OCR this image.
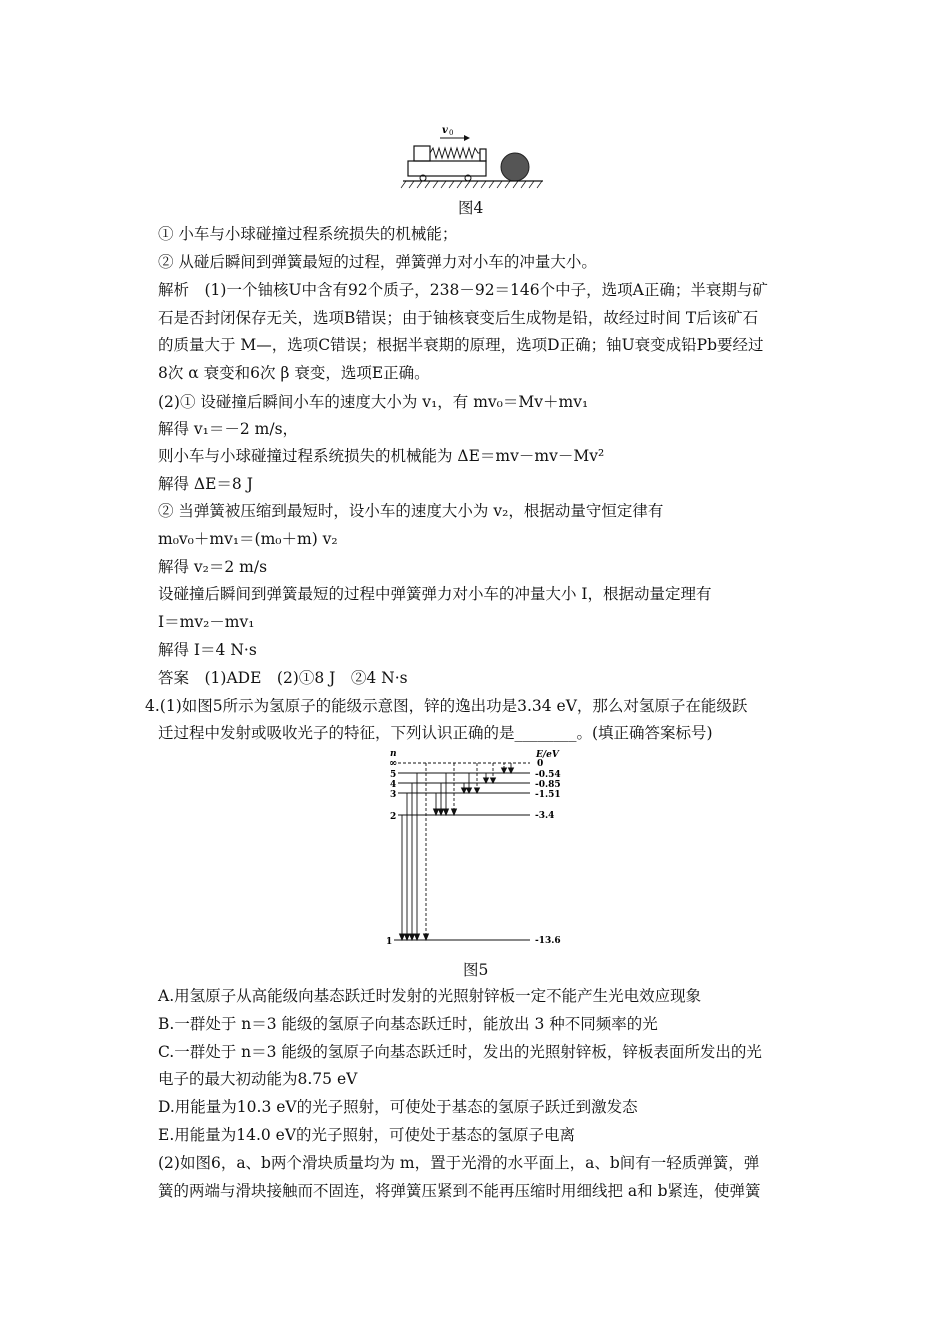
v 0
图4
① 小车与小球碰撞过程系统损失的机械能；
② 从碰后瞬间到弹簧最短的过程，弹簧弹力对小车的冲量大小。
解析　(1)一个铀核U中含有92个质子，238－92＝146个中子，选项A正确；半衰期与矿
石是否封闭保存无关，选项B错误；由于铀核衰变后生成物是铅，故经过时间 T后该矿石
的质量大于 M—，选项C错误；根据半衰期的原理，选项D正确；铀U衰变成铅Pb要经过
8次 α 衰变和6次 β 衰变，选项E正确。
(2)① 设碰撞后瞬间小车的速度大小为 v₁，有 mv₀＝Mv＋mv₁
解得 v₁＝－2 m/s，
则小车与小球碰撞过程系统损失的机械能为 ΔE＝mv－mv－Mv²
解得 ΔE＝8 J
② 当弹簧被压缩到最短时，设小车的速度大小为 v₂，根据动量守恒定律有
m₀v₀＋mv₁＝(m₀＋m) v₂
解得 v₂＝2 m/s
设碰撞后瞬间到弹簧最短的过程中弹簧弹力对小车的冲量大小 I，根据动量定理有
I＝mv₂－mv₁
解得 I＝4 N·s
答案　(1)ADE　(2)①8 J　②4 N·s
4.(1)如图5所示为氢原子的能级示意图，锌的逸出功是3.34 eV，那么对氢原子在能级跃
迁过程中发射或吸收光子的特征，下列认识正确的是________。(填正确答案标号)
n	E/eV
∞
5
4
3
2
1
0
-0.54
-0.85
-1.51
-3.4
-13.6
图5
A.用氢原子从高能级向基态跃迁时发射的光照射锌板一定不能产生光电效应现象
B.一群处于 n＝3 能级的氢原子向基态跃迁时，能放出 3 种不同频率的光
C.一群处于 n＝3 能级的氢原子向基态跃迁时，发出的光照射锌板，锌板表面所发出的光
电子的最大初动能为8.75 eV
D.用能量为10.3 eV的光子照射，可使处于基态的氢原子跃迁到激发态
E.用能量为14.0 eV的光子照射，可使处于基态的氢原子电离
(2)如图6，a、b两个滑块质量均为 m，置于光滑的水平面上，a、b间有一轻质弹簧，弹
簧的两端与滑块接触而不固连，将弹簧压紧到不能再压缩时用细线把 a和 b紧连，使弹簧
